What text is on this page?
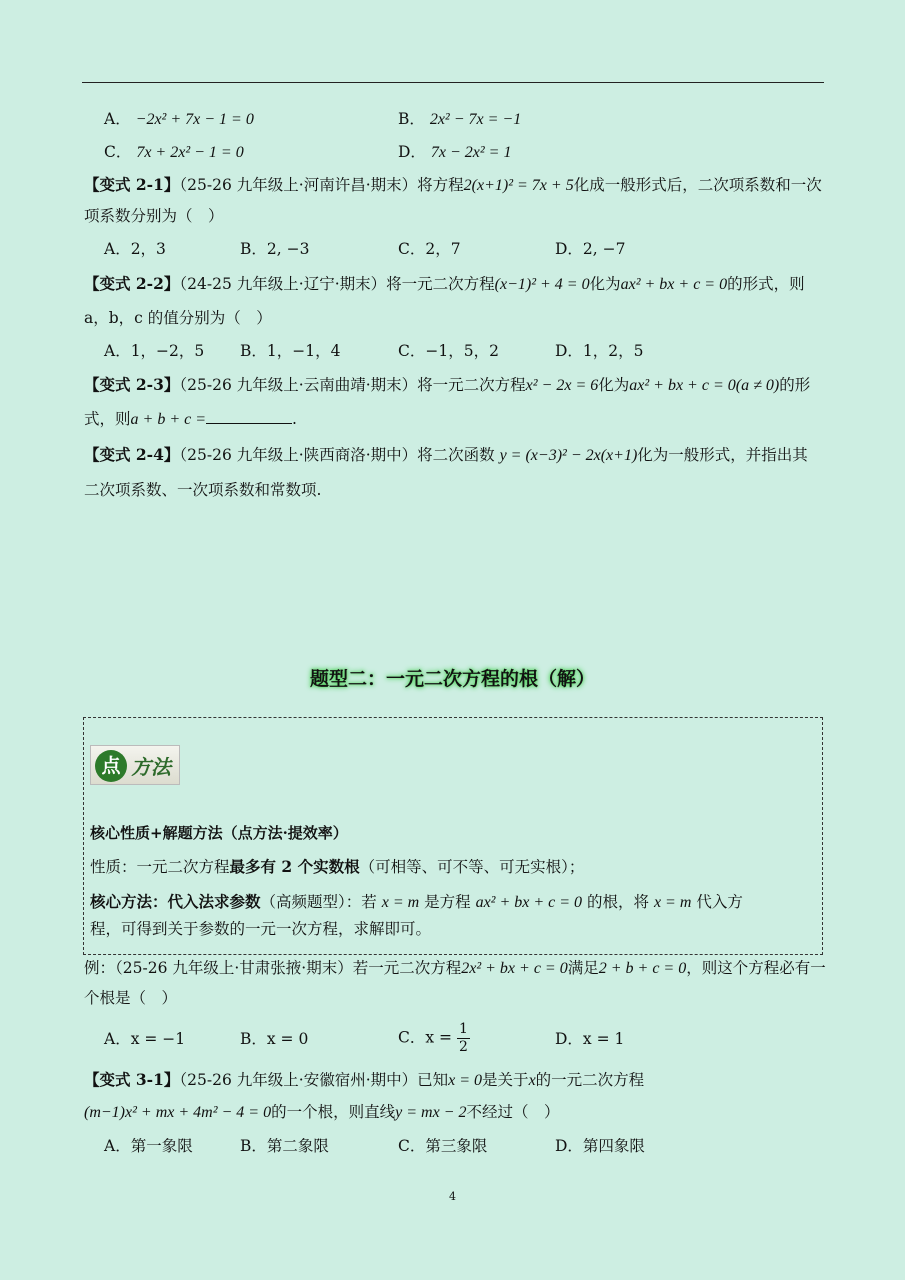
A． −2x² + 7x − 1 = 0	B． 2x² − 7x = −1
C． 7x + 2x² − 1 = 0	D． 7x − 2x² = 1
【变式 2-1】（25-26 九年级上·河南许昌·期末）将方程2(x+1)² = 7x + 5化成一般形式后，二次项系数和一次
项系数分别为（　）
A．2，3	B．2, −3	C．2，7	D．2, −7
【变式 2-2】（24-25 九年级上·辽宁·期末）将一元二次方程(x−1)² + 4 = 0化为ax² + bx + c = 0的形式，则
a，b，c 的值分别为（　）
A．1，−2，5 B．1，−1，4	C．−1，5，2	D．1，2，5
【变式 2-3】（25-26 九年级上·云南曲靖·期末）将一元二次方程x² − 2x = 6化为ax² + bx + c = 0(a ≠ 0)的形
式，则a + b + c =	.
【变式 2-4】（25-26 九年级上·陕西商洛·期中）将二次函数 y = (x−3)² − 2x(x+1)化为一般形式，并指出其
二次项系数、一次项系数和常数项.
题型二：一元二次方程的根（解）
点 方法
核心性质+解题方法（点方法·提效率）
性质：一元二次方程最多有 2 个实数根（可相等、可不等、可无实根）；
核心方法：代入法求参数（高频题型）：若 x = m 是方程 ax² + bx + c = 0 的根，将 x = m 代入方
程，可得到关于参数的一元一次方程，求解即可。
例：（25-26 九年级上·甘肃张掖·期末）若一元二次方程2x² + bx + c = 0满足2 + b + c = 0，则这个方程必有一
个根是（　）
A．x = −1	B．x = 0	C．$x = \frac{1}{2}$	D．x = 1
【变式 3-1】（25-26 九年级上·安徽宿州·期中）已知x = 0是关于x的一元二次方程
(m−1)x² + mx + 4m² − 4 = 0的一个根，则直线y = mx − 2不经过（　）
A．第一象限	B．第二象限	C．第三象限	D．第四象限
4
